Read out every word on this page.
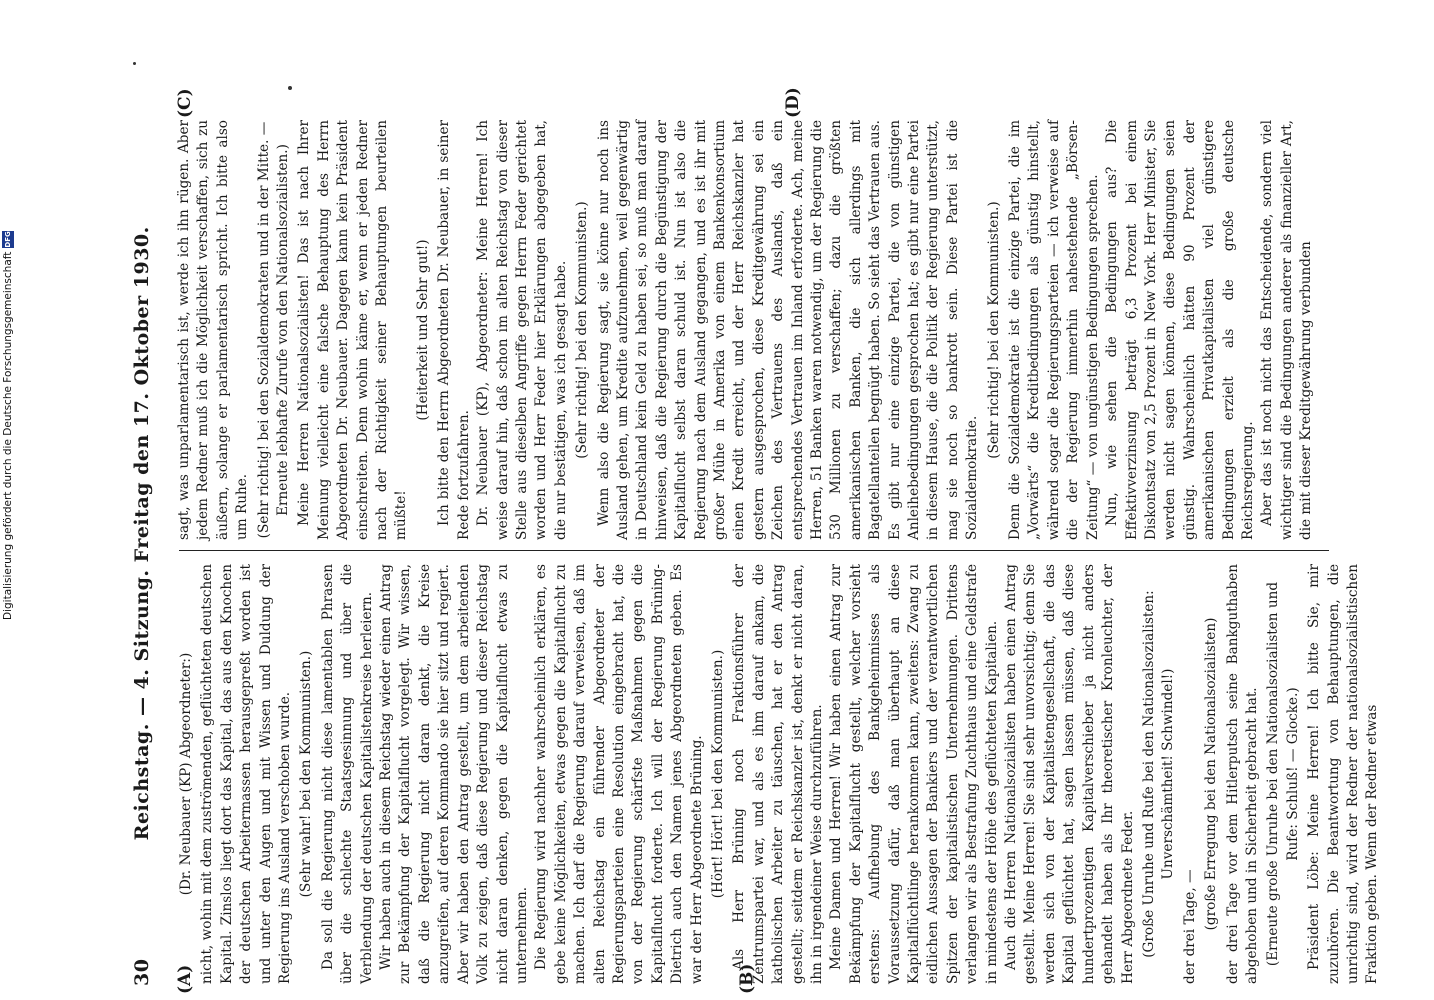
30
Reichstag. — 4. Sitzung. Freitag den 17. Oktober 1930.
(A)	(B)
(C)	(D)

(Dr. Neubauer (KP) Abgeordneter:) nicht, wohin mit dem zuströmenden, geflüchteten deutschen Kapital. Zinslos liegt dort das Kapital, das aus den Knochen der deutschen Arbeitermassen herausgepreßt worden ist und unter den Augen und mit Wissen und Duldung der Regierung ins Ausland verschoben wurde. (Sehr wahr! bei den Kommunisten.) Da soll die Regierung nicht diese lamentablen Phrasen über die schlechte Staatsgesinnung und über die Verblendung der deutschen Kapitalistenkreise herleiern. Wir haben auch in diesem Reichstag wieder einen Antrag zur Bekämpfung der Kapitalflucht vorgelegt. Wir wissen, daß die Regierung nicht daran denkt, die Kreise anzugreifen, auf deren Kommando sie hier sitzt und regiert. Aber wir haben den Antrag gestellt, um dem arbeitenden Volk zu zeigen, daß diese Regierung und dieser Reichstag nicht daran denken, gegen die Kapitalflucht etwas zu unternehmen. Die Regierung wird nachher wahrscheinlich erklären, es gebe keine Möglichkeiten, etwas gegen die Kapitalflucht zu machen. Ich darf die Regierung darauf verweisen, daß im alten Reichstag ein führender Abgeordneter der Regierungsparteien eine Resolution eingebracht hat, die von der Regierung schärfste Maßnahmen gegen die Kapitalflucht forderte. Ich will der Regierung Brüning-Dietrich auch den Namen jenes Abgeordneten geben. Es war der Herr Abgeordnete Brüning. (Hört! Hört! bei den Kommunisten.) Als Herr Brüning noch Fraktionsführer der Zentrumspartei war, und als es ihm darauf ankam, die katholischen Arbeiter zu täuschen, hat er den Antrag gestellt; seitdem er Reichskanzler ist, denkt er nicht daran, ihn in irgendeiner Weise durchzuführen. Meine Damen und Herren! Wir haben einen Antrag zur Bekämpfung der Kapitalflucht gestellt, welcher vorsieht erstens: Aufhebung des Bankgeheimnisses als Voraussetzung dafür, daß man überhaupt an diese Kapitalflüchtlinge herankommen kann, zweitens: Zwang zu eidlichen Aussagen der Bankiers und der verantwortlichen Spitzen der kapitalistischen Unternehmungen. Drittens verlangen wir als Bestrafung Zuchthaus und eine Geldstrafe in mindestens der Höhe des geflüchteten Kapitalien. Auch die Herren Nationalsozialisten haben einen Antrag gestellt. Meine Herren! Sie sind sehr unvorsichtig; denn Sie werden sich von der Kapitalistengesellschaft, die das Kapital geflüchtet hat, sagen lassen müssen, daß diese hundertprozentigen Kapitalverschieber ja nicht anders gehandelt haben als Ihr theoretischer Kronleuchter, der Herr Abgeordnete Feder. (Große Unruhe und Rufe bei den Nationalsozialisten: Unverschämtheit! Schwindel!)

der drei Tage, — (große Erregung bei den Nationalsozialisten) der drei Tage vor dem Hitlerputsch seine Bankguthaben abgehoben und in Sicherheit gebracht hat. (Erneute große Unruhe bei den Nationalsozialisten und Rufe: Schluß! — Glocke.) Präsident Löbe: Meine Herren! Ich bitte Sie, mir zuzuhören. Die Beantwortung von Behauptungen, die unrichtig sind, wird der Redner der nationalsozialistischen Fraktion geben. Wenn der Redner etwas

sagt, was unparlamentarisch ist, werde ich ihn rügen. Aber jedem Redner muß ich die Möglichkeit verschaffen, sich zu äußern, solange er parlamentarisch spricht. Ich bitte also um Ruhe. (Sehr richtig! bei den Sozialdemokraten und in der Mitte. — Erneute lebhafte Zurufe von den Nationalsozialisten.) Meine Herren Nationalsozialisten! Das ist nach Ihrer Meinung vielleicht eine falsche Behauptung des Herrn Abgeordneten Dr. Neubauer. Dagegen kann kein Präsident einschreiten. Denn wohin käme er, wenn er jeden Redner nach der Richtigkeit seiner Behauptungen beurteilen müßte!

(Heiterkeit und Sehr gut!) Ich bitte den Herrn Abgeordneten Dr. Neubauer, in seiner Rede fortzufahren. Dr. Neubauer (KP), Abgeordneter: Meine Herren! Ich weise darauf hin, daß schon im alten Reichstag von dieser Stelle aus dieselben Angriffe gegen Herrn Feder gerichtet worden und Herr Feder hier Erklärungen abgegeben hat, die nur bestätigen, was ich gesagt habe. (Sehr richtig! bei den Kommunisten.) Wenn also die Regierung sagt, sie könne nur noch ins Ausland gehen, um Kredite aufzunehmen, weil gegenwärtig in Deutschland kein Geld zu haben sei, so muß man darauf hinweisen, daß die Regierung durch die Begünstigung der Kapitalflucht selbst daran schuld ist. Nun ist also die Regierung nach dem Ausland gegangen, und es ist ihr mit großer Mühe in Amerika von einem Bankenkonsortium einen Kredit erreicht, und der Herr Reichskanzler hat gestern ausgesprochen, diese Kreditgewährung sei ein Zeichen des Vertrauens des Auslands, daß ein entsprechendes Vertrauen im Inland erforderte. Ach, meine Herren, 51 Banken waren notwendig, um der Regierung die 530 Millionen zu verschaffen; dazu die größten amerikanischen Banken, die sich allerdings mit Bagatellanteilen begnügt haben. So sieht das Vertrauen aus. Es gibt nur eine einzige Partei, die von günstigen Anleihebedingungen gesprochen hat; es gibt nur eine Partei in diesem Hause, die die Politik der Regierung unterstützt, mag sie noch so bankrott sein. Diese Partei ist die Sozialdemokratie.

(Sehr richtig! bei den Kommunisten.) Denn die Sozialdemokratie ist die einzige Partei, die im „Vorwärts“ die Kreditbedingungen als günstig hinstellt, während sogar die Regierungsparteien — ich verweise auf die der Regierung immerhin nahestehende „Börsen-Zeitung“ — von ungünstigen Bedingungen sprechen. Nun, wie sehen die Bedingungen aus? Die Effektivverzinsung beträgt 6,3 Prozent bei einem Diskontsatz von 2,5 Prozent in New York. Herr Minister, Sie werden nicht sagen können, diese Bedingungen seien günstig. Wahrscheinlich hätten 90 Prozent der amerikanischen Privatkapitalisten viel günstigere Bedingungen erzielt als die große deutsche Reichsregierung. Aber das ist noch nicht das Entscheidende, sondern viel wichtiger sind die Bedingungen anderer als finanzieller Art, die mit dieser Kreditgewährung verbunden

Digitalisierung gefördert durch die Deutsche Forschungsgemeinschaft
DFG
